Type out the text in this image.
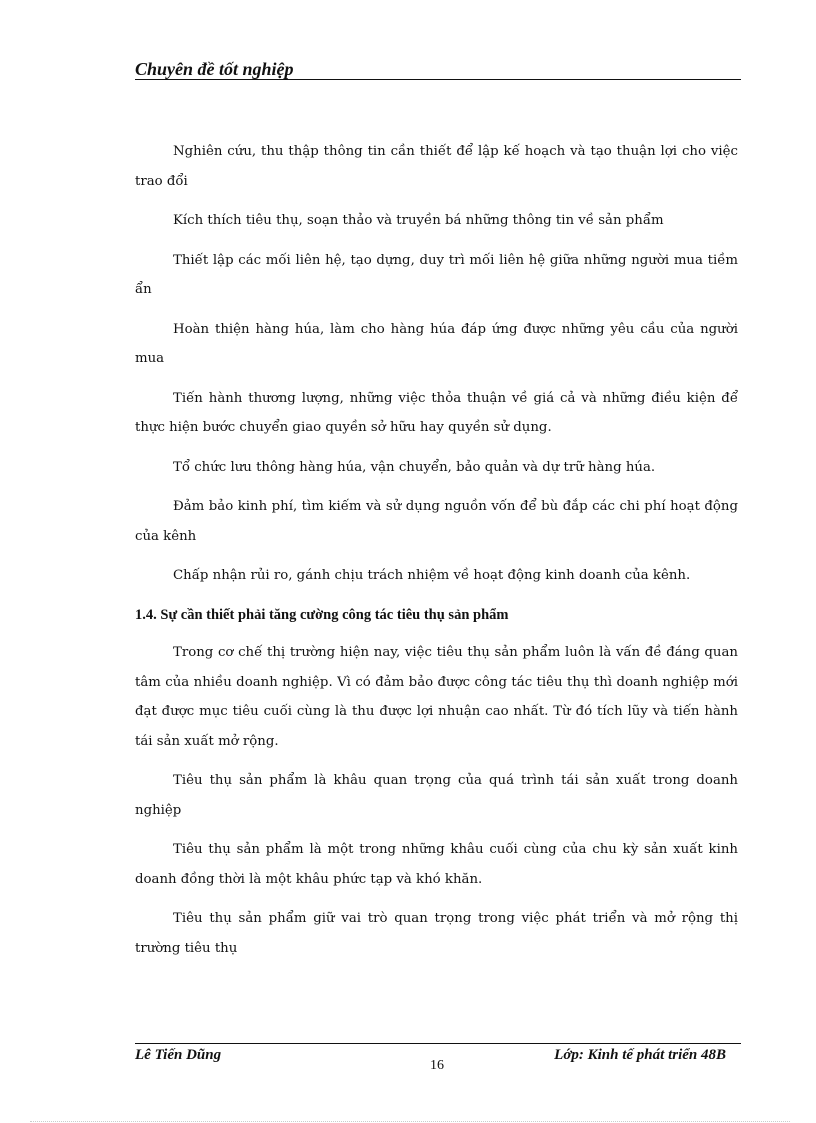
Chuyên đề tốt nghiệp

Nghiên cứu, thu thập thông tin cần thiết để lập kế hoạch và tạo thuận lợi cho việc trao đổi

Kích thích tiêu thụ, soạn thảo và truyền bá những thông tin về sản phẩm

Thiết lập các mối liên hệ, tạo dựng, duy trì mối liên hệ giữa những người mua tiềm ẩn

Hoàn thiện hàng húa, làm cho hàng húa đáp ứng được những yêu cầu của người mua

Tiến hành thương lượng, những việc thỏa thuận về giá cả và những điều kiện để thực hiện bước chuyển giao quyền sở hữu hay quyền sử dụng.

Tổ chức lưu thông hàng húa, vận chuyển, bảo quản và dự trữ hàng húa.

Đảm bảo kinh phí, tìm kiếm và sử dụng nguồn vốn để bù đắp các chi phí hoạt động của kênh

Chấp nhận rủi ro, gánh chịu trách nhiệm về hoạt động kinh doanh của kênh.

1.4. Sự cần thiết phải tăng cường công tác tiêu thụ sản phẩm

Trong cơ chế thị trường hiện nay, việc tiêu thụ sản phẩm luôn là vấn đề đáng quan tâm của nhiều doanh nghiệp. Vì có đảm bảo được công tác tiêu thụ thì doanh nghiệp mới đạt được mục tiêu cuối cùng là thu được lợi nhuận cao nhất. Từ đó tích lũy và tiến hành tái sản xuất mở rộng.

Tiêu thụ sản phẩm là khâu quan trọng của quá trình tái sản xuất trong doanh nghiệp

Tiêu thụ sản phẩm là một trong những khâu cuối cùng của chu kỳ sản xuất kinh doanh đồng thời là một khâu phức tạp và khó khăn.

Tiêu thụ sản phẩm giữ vai trò quan trọng trong việc phát triển và mở rộng thị trường tiêu thụ

Lê Tiến Dũng	Lớp: Kinh tế phát triển 48B
16
